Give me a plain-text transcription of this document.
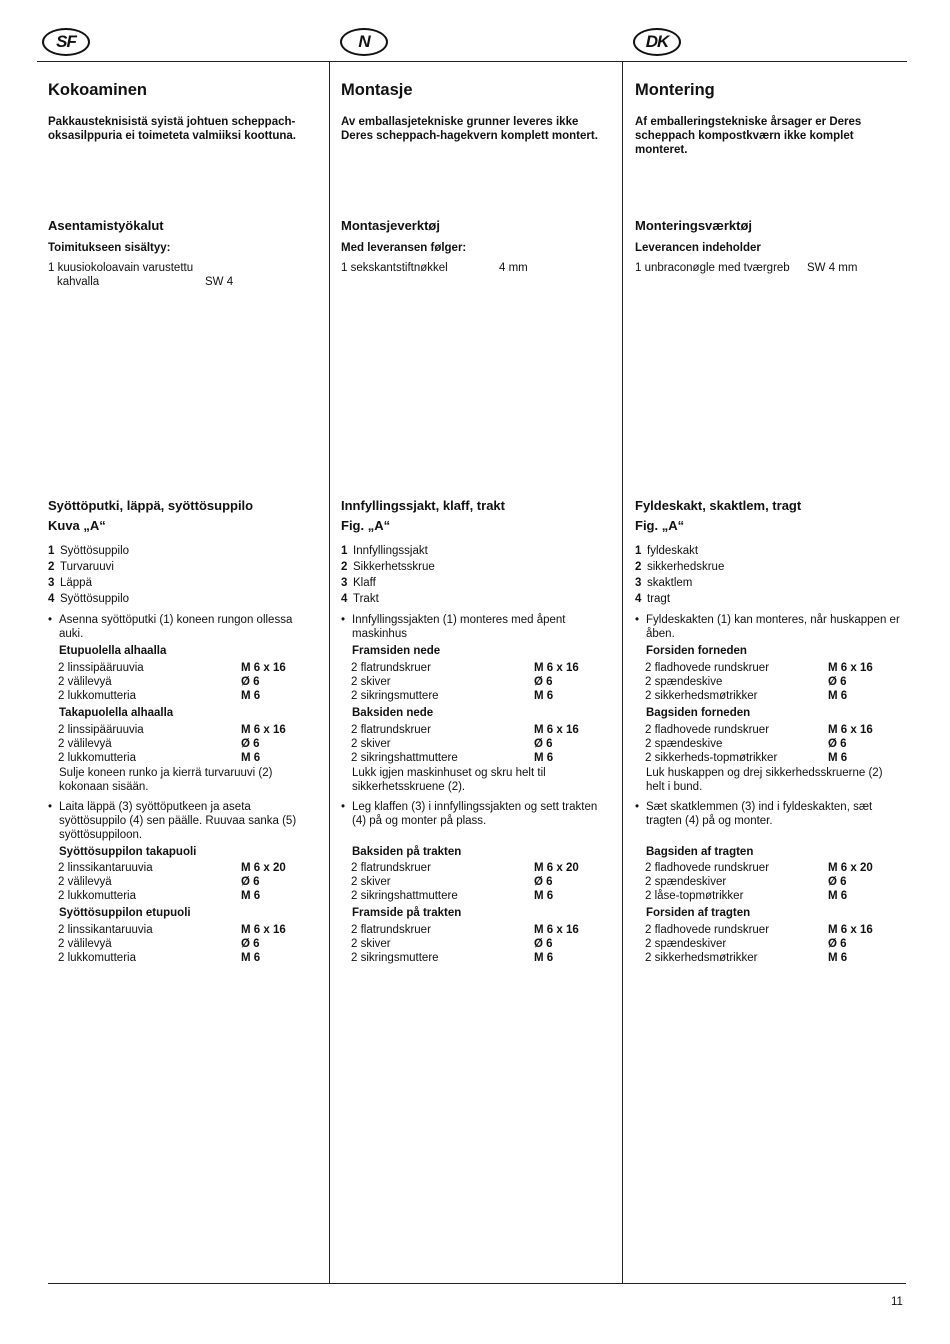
Kokoaminen
Pakkausteknisistä syistä johtuen scheppach-oksasilppuria ei toimeteta valmiiksi koottuna.
Asentamistyökalut
Toimitukseen sisältyy:
1 kuusiokoloavain varustettu
kahvalla	SW 4
Syöttöputki, läppä, syöttösuppilo
Kuva „A“
1 Syöttösuppilo
2 Turvaruuvi
3 Läppä
4 Syöttösuppilo
• Asenna syöttöputki (1) koneen rungon ollessa auki.
Etupuolella alhaalla
2 linssipääruuvia	M 6 x 16
2 välilevyä	Ø 6
2 lukkomutteria	M 6
Takapuolella alhaalla
2 linssipääruuvia	M 6 x 16
2 välilevyä	Ø 6
2 lukkomutteria	M 6
Sulje koneen runko ja kierrä turvaruuvi (2) kokonaan sisään.
• Laita läppä (3) syöttöputkeen ja aseta syöttösuppilo (4) sen päälle. Ruuvaa sanka (5) syöttösuppiloon.
Syöttösuppilon takapuoli
2 linssikantaruuvia	M 6 x 20
2 välilevyä	Ø 6
2 lukkomutteria	M 6
Syöttösuppilon etupuoli
2 linssikantaruuvia	M 6 x 16
2 välilevyä	Ø 6
2 lukkomutteria	M 6
Montasje
Av emballasjetekniske grunner leveres ikke Deres scheppach-hagekvern komplett montert.
Montasjeverktøj
Med leveransen følger:
1 sekskantstiftnøkkel	4 mm
Innfyllingssjakt, klaff, trakt
Fig. „A“
1 Innfyllingssjakt
2 Sikkerhetsskrue
3 Klaff
4 Trakt
• Innfyllingssjakten (1) monteres med åpent maskinhus
Framsiden nede
2 flatrundskruer	M 6 x 16
2 skiver	Ø 6
2 sikringsmuttere	M 6
Baksiden nede
2 flatrundskruer	M 6 x 16
2 skiver	Ø 6
2 sikringshattmuttere	M 6
Lukk igjen maskinhuset og skru helt til sikkerhetsskruene (2).
• Leg klaffen (3) i innfyllingssjakten og sett trakten (4) på og monter på plass.
Baksiden på trakten
2 flatrundskruer	M 6 x 20
2 skiver	Ø 6
2 sikringshattmuttere	M 6
Framside på trakten
2 flatrundskruer	M 6 x 16
2 skiver	Ø 6
2 sikringsmuttere	M 6
Montering
Af emballeringstekniske årsager er Deres scheppach kompostkværn ikke komplet monteret.
Monteringsværktøj
Leverancen indeholder
1 unbraconøgle med tværgreb SW 4 mm
Fyldeskakt, skaktlem, tragt
Fig. „A“
1 fyldeskakt
2 sikkerhedskrue
3 skaktlem
4 tragt
• Fyldeskakten (1) kan monteres, når huskappen er åben.
Forsiden forneden
2 fladhovede rundskruer	M 6 x 16
2 spændeskive	Ø 6
2 sikkerhedsmøtrikker	M 6
Bagsiden forneden
2 fladhovede rundskruer	M 6 x 16
2 spændeskive	Ø 6
2 sikkerheds-topmøtrikker	M 6
Luk huskappen og drej sikkerhedsskruerne (2) helt i bund.
• Sæt skatklemmen (3) ind i fyldeskakten, sæt tragten (4) på og monter.
Bagsiden af tragten
2 fladhovede rundskruer	M 6 x 20
2 spændeskiver	Ø 6
2 låse-topmøtrikker	M 6
Forsiden af tragten
2 fladhovede rundskruer	M 6 x 16
2 spændeskiver	Ø 6
2 sikkerhedsmøtrikker	M 6
11
SF	N	DK
